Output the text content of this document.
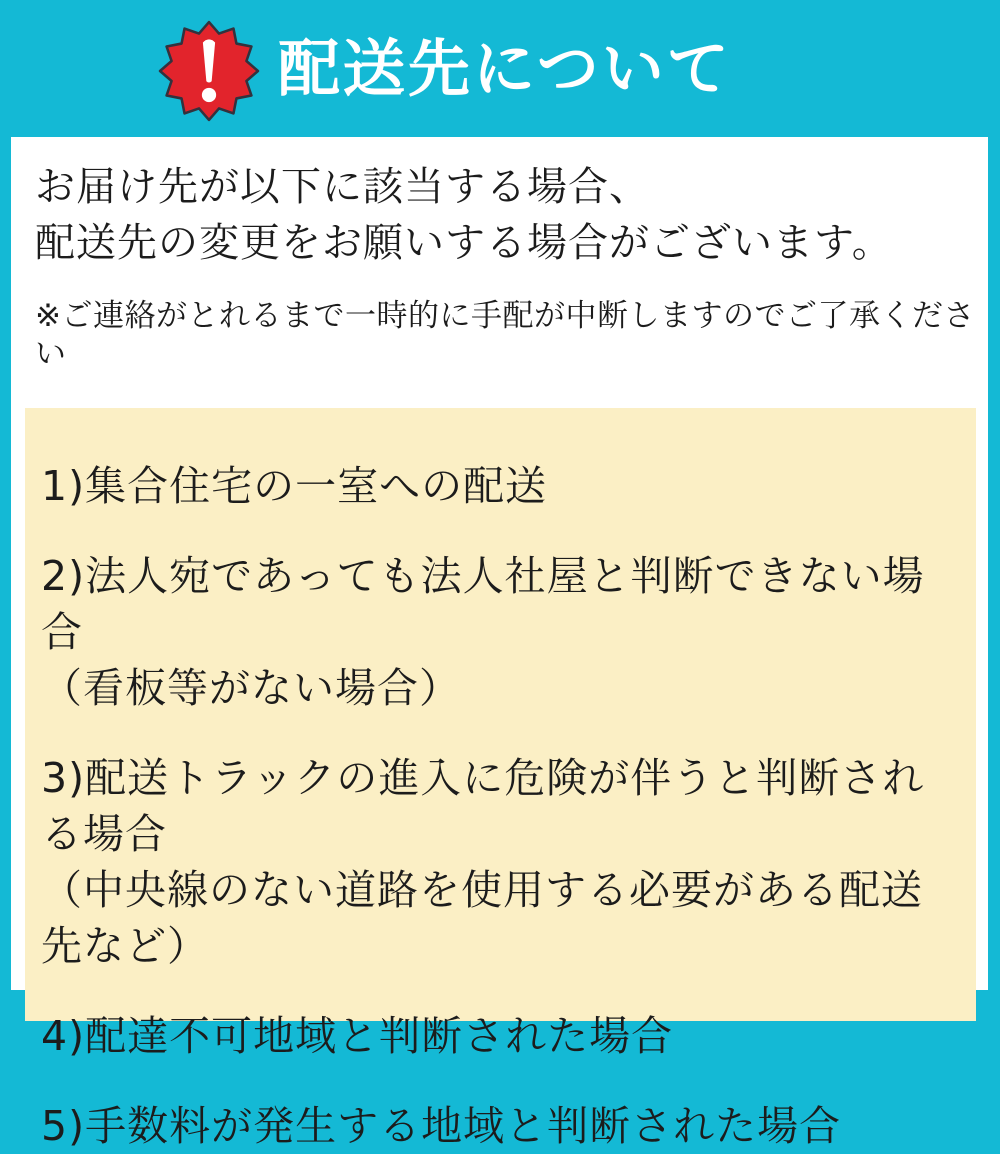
配送先について

お届け先が以下に該当する場合、

配送先の変更をお願いする場合がございます。

※ご連絡がとれるまで一時的に手配が中断しますのでご了承ください

1)集合住宅の一室への配送
2)法人宛であっても法人社屋と判断できない場合
（看板等がない場合）
3)配送トラックの進入に危険が伴うと判断される場合
（中央線のない道路を使用する必要がある配送先など）
4)配達不可地域と判断された場合
5)手数料が発生する地域と判断された場合
